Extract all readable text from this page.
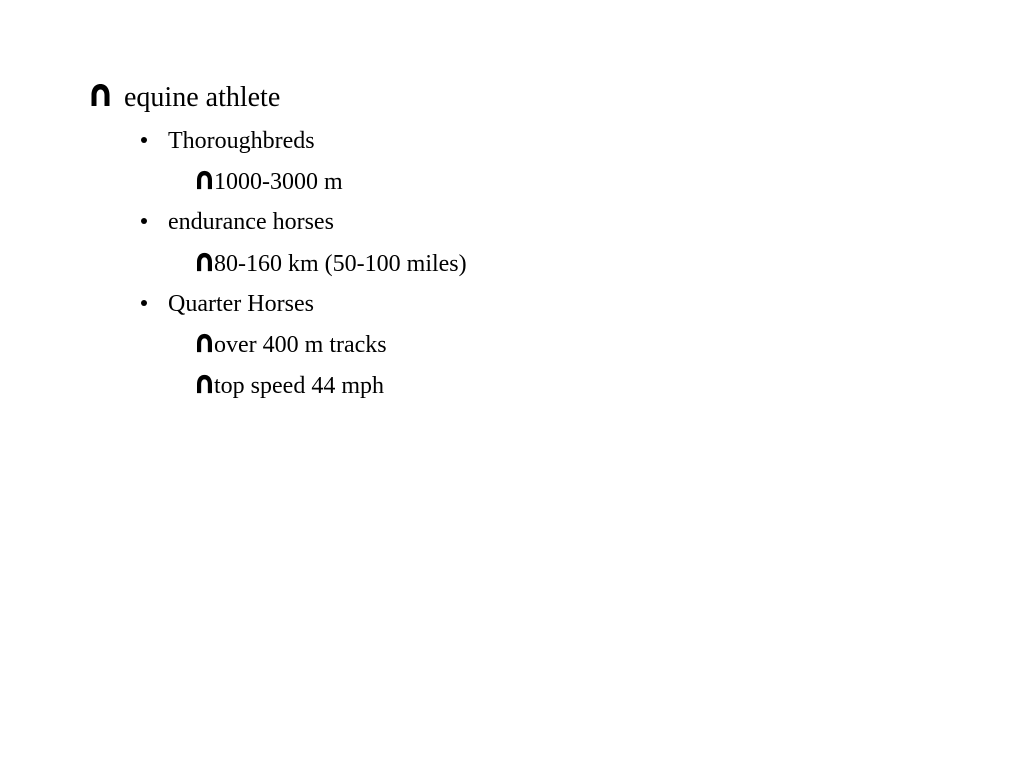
equine athlete
Thoroughbreds
1000-3000 m
endurance horses
80-160 km (50-100 miles)
Quarter Horses
over 400 m tracks
top speed 44 mph
